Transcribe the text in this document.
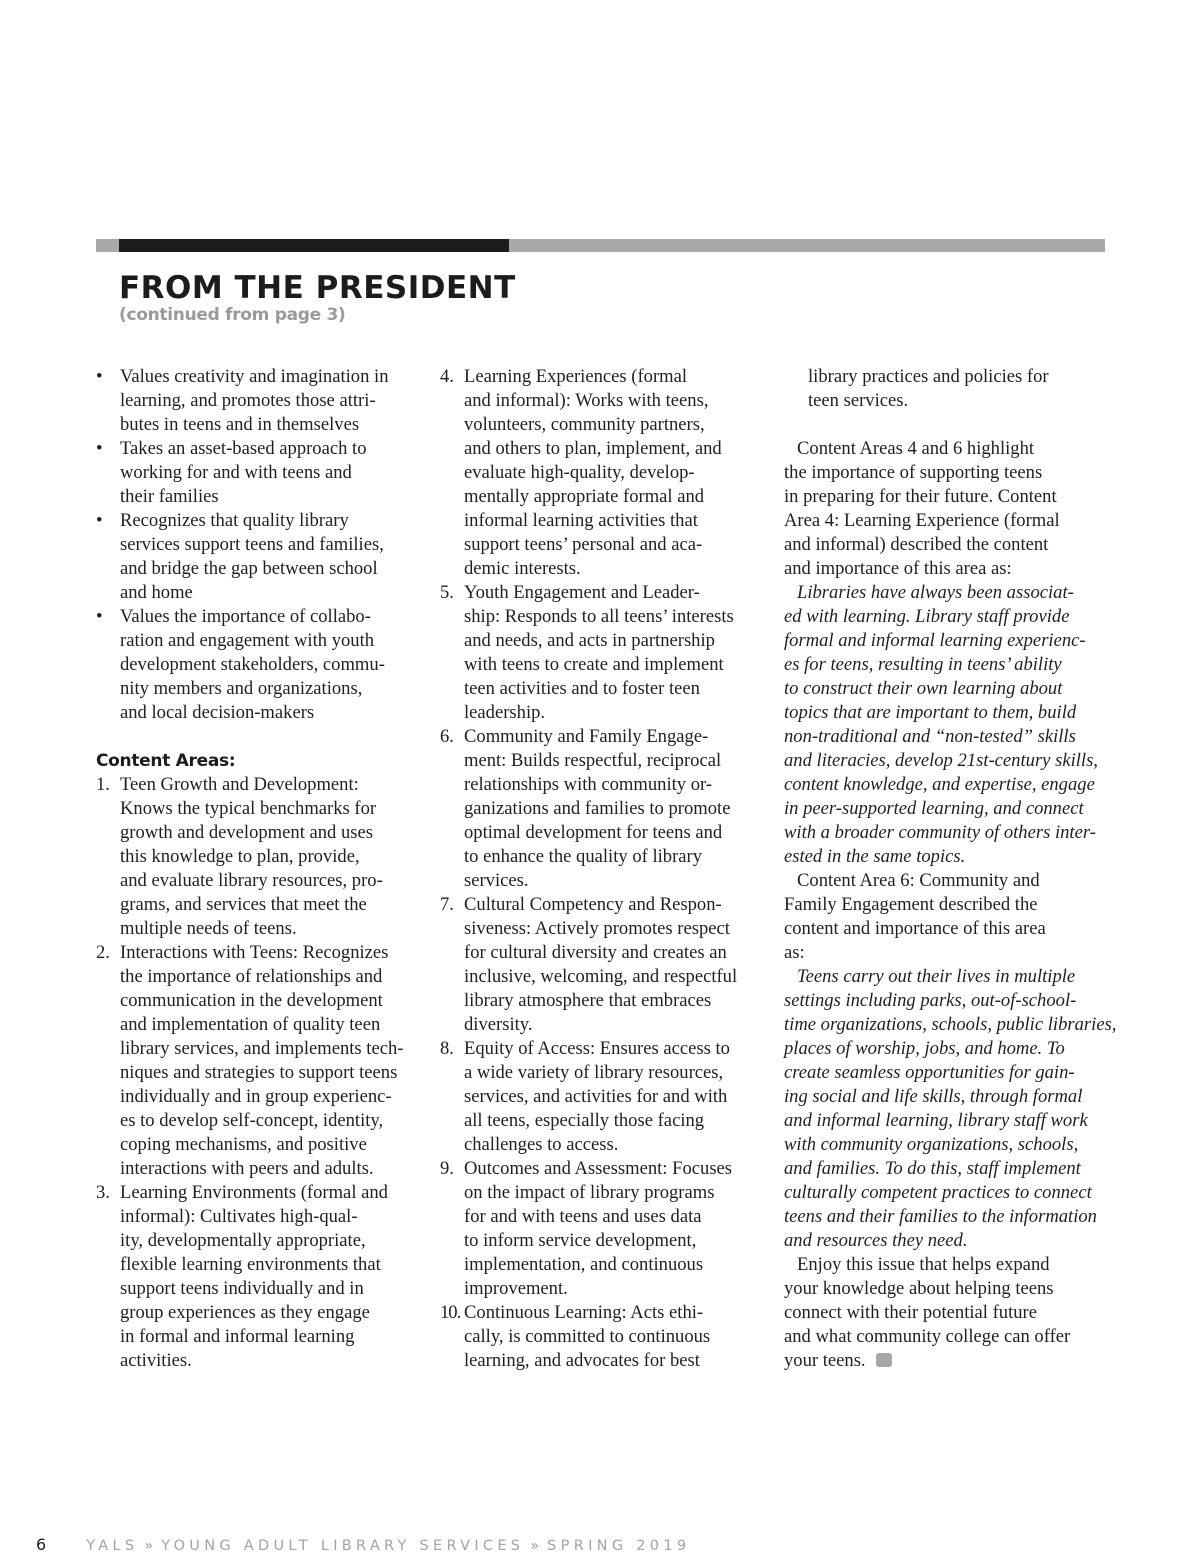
FROM THE PRESIDENT
(continued from page 3)
• Values creativity and imagination in
learning, and promotes those attri-
butes in teens and in themselves
• Takes an asset-based approach to
working for and with teens and
their families
• Recognizes that quality library
services support teens and families,
and bridge the gap between school
and home
• Values the importance of collabo-
ration and engagement with youth
development stakeholders, commu-
nity members and organizations,
and local decision-makers
Content Areas:
1. Teen Growth and Development:
Knows the typical benchmarks for
growth and development and uses
this knowledge to plan, provide,
and evaluate library resources, pro-
grams, and services that meet the
multiple needs of teens.
2. Interactions with Teens: Recognizes
the importance of relationships and
communication in the development
and implementation of quality teen
library services, and implements tech-
niques and strategies to support teens
individually and in group experienc-
es to develop self-concept, identity,
coping mechanisms, and positive
interactions with peers and adults.
3. Learning Environments (formal and
informal): Cultivates high-qual-
ity, developmentally appropriate,
flexible learning environments that
support teens individually and in
group experiences as they engage
in formal and informal learning
activities.
4. Learning Experiences (formal
and informal): Works with teens,
volunteers, community partners,
and others to plan, implement, and
evaluate high-quality, develop-
mentally appropriate formal and
informal learning activities that
support teens’ personal and aca-
demic interests.
5. Youth Engagement and Leader-
ship: Responds to all teens’ interests
and needs, and acts in partnership
with teens to create and implement
teen activities and to foster teen
leadership.
6. Community and Family Engage-
ment: Builds respectful, reciprocal
relationships with community or-
ganizations and families to promote
optimal development for teens and
to enhance the quality of library
services.
7. Cultural Competency and Respon-
siveness: Actively promotes respect
for cultural diversity and creates an
inclusive, welcoming, and respectful
library atmosphere that embraces
diversity.
8. Equity of Access: Ensures access to
a wide variety of library resources,
services, and activities for and with
all teens, especially those facing
challenges to access.
9. Outcomes and Assessment: Focuses
on the impact of library programs
for and with teens and uses data
to inform service development,
implementation, and continuous
improvement.
10. Continuous Learning: Acts ethi-
cally, is committed to continuous
learning, and advocates for best
library practices and policies for
teen services.
Content Areas 4 and 6 highlight
the importance of supporting teens
in preparing for their future. Content
Area 4: Learning Experience (formal
and informal) described the content
and importance of this area as:
Libraries have always been associat-
ed with learning. Library staff provide
formal and informal learning experienc-
es for teens, resulting in teens’ ability
to construct their own learning about
topics that are important to them, build
non-traditional and “non-tested” skills
and literacies, develop 21st-century skills,
content knowledge, and expertise, engage
in peer-supported learning, and connect
with a broader community of others inter-
ested in the same topics.
Content Area 6: Community and
Family Engagement described the
content and importance of this area
as:
Teens carry out their lives in multiple
settings including parks, out-of-school-
time organizations, schools, public libraries,
places of worship, jobs, and home. To
create seamless opportunities for gain-
ing social and life skills, through formal
and informal learning, library staff work
with community organizations, schools,
and families. To do this, staff implement
culturally competent practices to connect
teens and their families to the information
and resources they need.
Enjoy this issue that helps expand
your knowledge about helping teens
connect with their potential future
and what community college can offer
your teens.
6	YALS » YOUNG ADULT LIBRARY SERVICES » SPRING 2019
